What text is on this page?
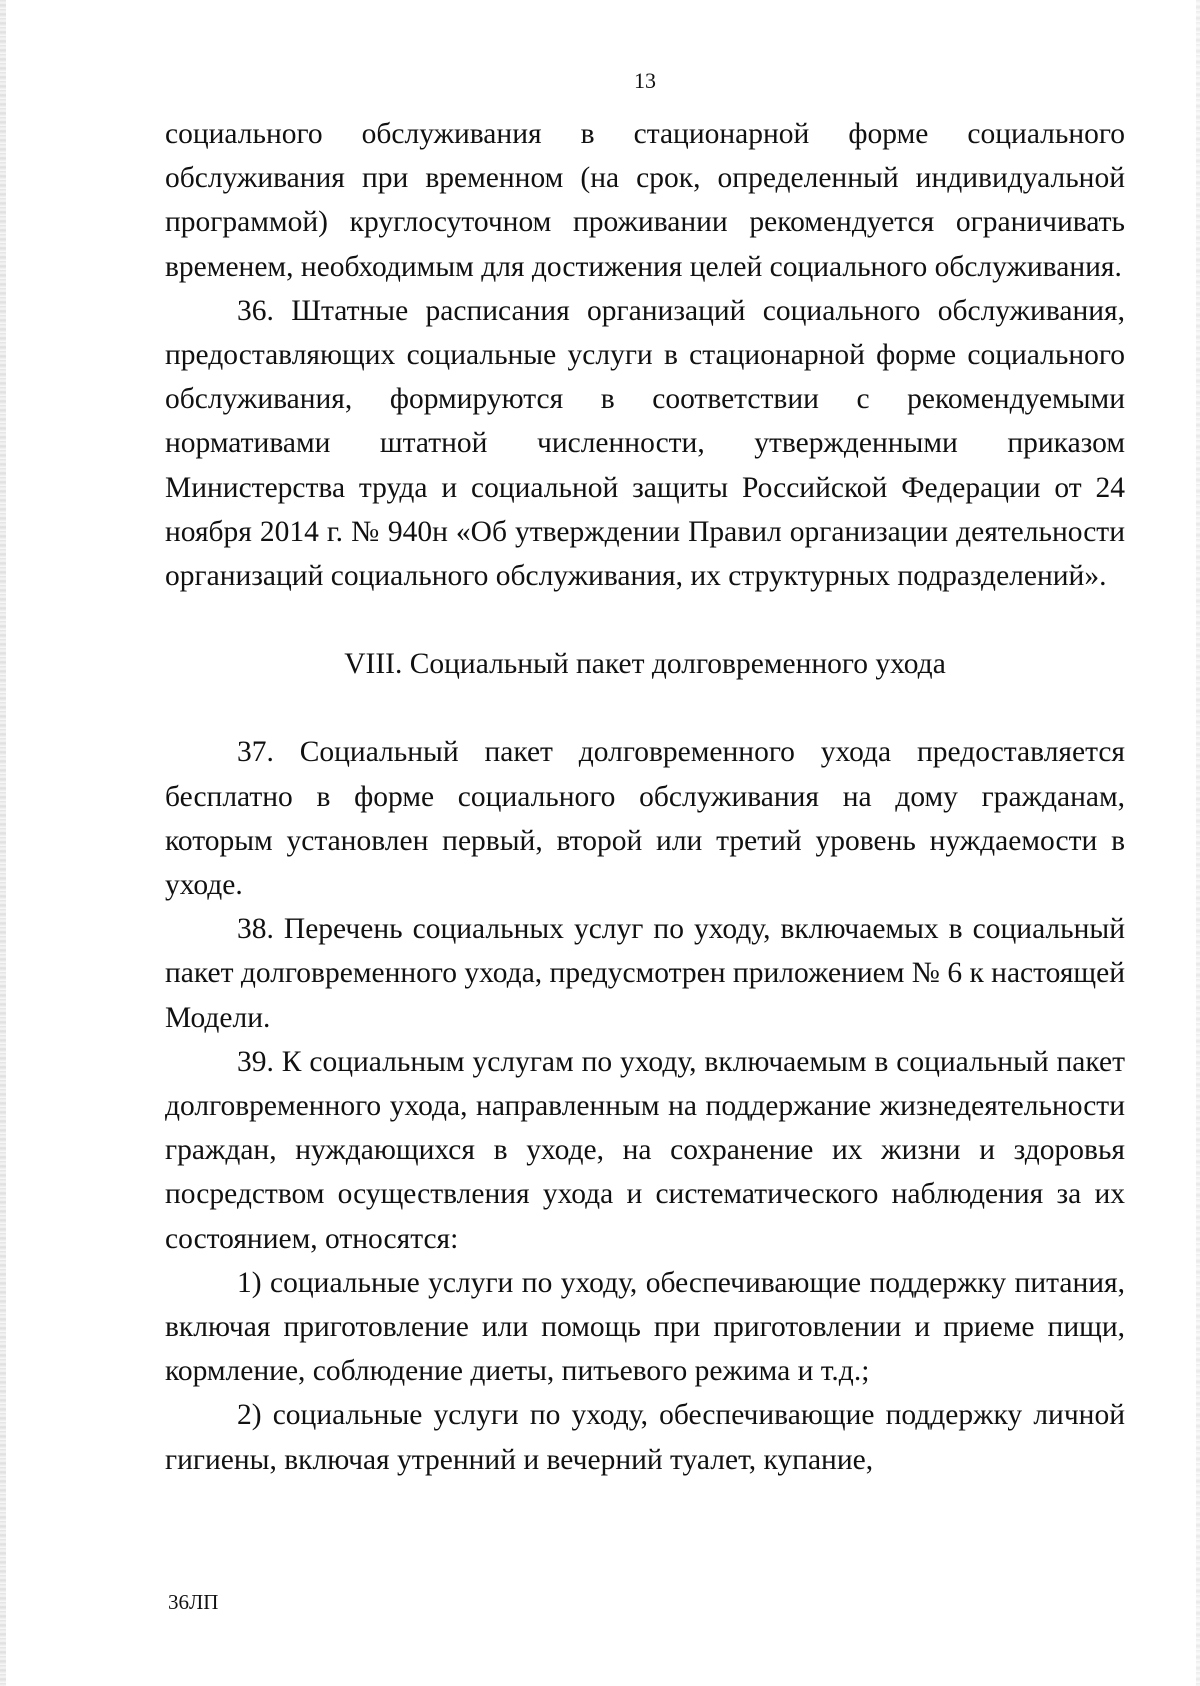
13

социального обслуживания в стационарной форме социального обслуживания при временном (на срок, определенный индивидуальной программой) круглосуточном проживании рекомендуется ограничивать временем, необходимым для достижения целей социального обслуживания.

36. Штатные расписания организаций социального обслуживания, предоставляющих социальные услуги в стационарной форме социального обслуживания, формируются в соответствии с рекомендуемыми нормативами штатной численности, утвержденными приказом Министерства труда и социальной защиты Российской Федерации от 24 ноября 2014 г. № 940н «Об утверждении Правил организации деятельности организаций социального обслуживания, их структурных подразделений».

VIII. Социальный пакет долговременного ухода

37. Социальный пакет долговременного ухода предоставляется бесплатно в форме социального обслуживания на дому гражданам, которым установлен первый, второй или третий уровень нуждаемости в уходе.

38. Перечень социальных услуг по уходу, включаемых в социальный пакет долговременного ухода, предусмотрен приложением № 6 к настоящей Модели.

39. К социальным услугам по уходу, включаемым в социальный пакет долговременного ухода, направленным на поддержание жизнедеятельности граждан, нуждающихся в уходе, на сохранение их жизни и здоровья посредством осуществления ухода и систематического наблюдения за их состоянием, относятся:

1) социальные услуги по уходу, обеспечивающие поддержку питания, включая приготовление или помощь при приготовлении и приеме пищи, кормление, соблюдение диеты, питьевого режима и т.д.;

2) социальные услуги по уходу, обеспечивающие поддержку личной гигиены, включая утренний и вечерний туалет, купание,

36ЛП
